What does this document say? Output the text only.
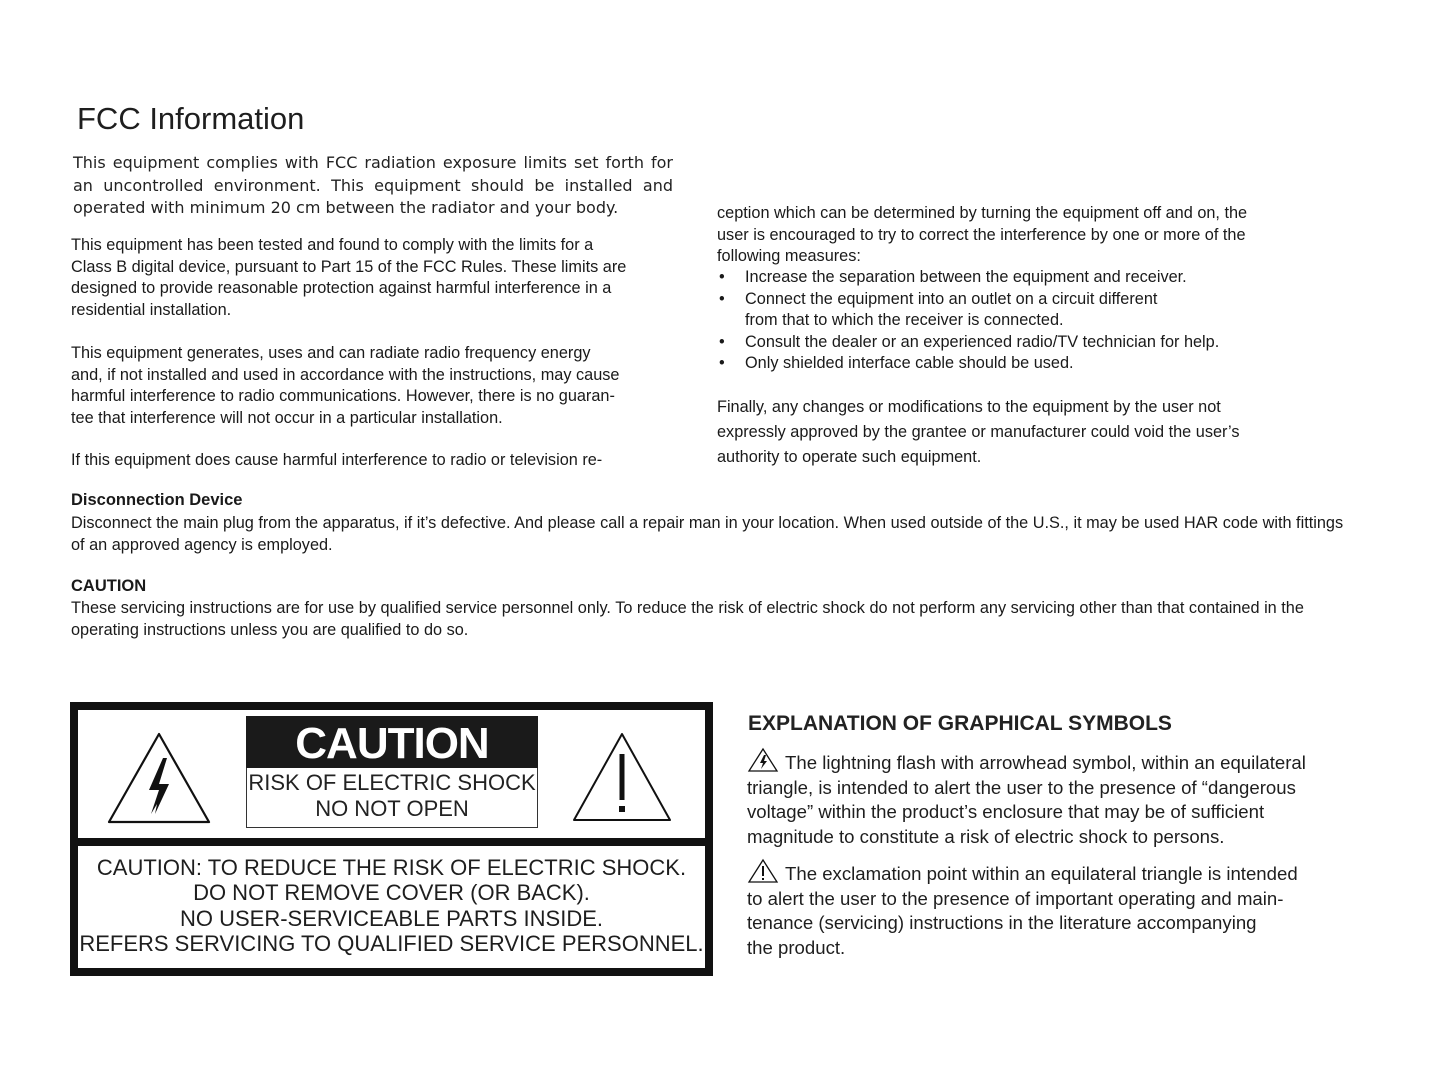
FCC Information
This equipment complies with FCC radiation exposure limits set forth for an uncontrolled environment. This equipment should be installed and operated with minimum 20 cm between the radiator and your body.
This equipment has been tested and found to comply with the limits for a
Class B digital device, pursuant to Part 15 of the FCC Rules. These limits are
designed to provide reasonable protection against harmful interference in a
residential installation.
This equipment generates, uses and can radiate radio frequency energy
and, if not installed and used in accordance with the instructions, may cause
harmful interference to radio communications. However, there is no guaran-
tee that interference will not occur in a particular installation.
If this equipment does cause harmful interference to radio or television re-
ception which can be determined by turning the equipment off and on, the
user is encouraged to try to correct the interference by one or more of the
following measures:
• Increase the separation between the equipment and receiver.
• Connect the equipment into an outlet on a circuit different
from that to which the receiver is connected.
• Consult the dealer or an experienced radio/TV technician for help.
• Only shielded interface cable should be used.
Finally, any changes or modifications to the equipment by the user not
expressly approved by the grantee or manufacturer could void the user’s
authority to operate such equipment.
Disconnection Device
Disconnect the main plug from the apparatus, if it’s defective. And please call a repair man in your location. When used outside of the U.S., it may be used HAR code with fittings of an approved agency is employed.
CAUTION
These servicing instructions are for use by qualified service personnel only. To reduce the risk of electric shock do not perform any servicing other than that contained in the operating instructions unless you are qualified to do so.
CAUTION
RISK OF ELECTRIC SHOCK
NO NOT OPEN
CAUTION: TO REDUCE THE RISK OF ELECTRIC SHOCK.
DO NOT REMOVE COVER (OR BACK).
NO USER-SERVICEABLE PARTS INSIDE.
REFERS SERVICING TO QUALIFIED SERVICE PERSONNEL.
EXPLANATION OF GRAPHICAL SYMBOLS
The lightning flash with arrowhead symbol, within an equilateral
triangle, is intended to alert the user to the presence of “dangerous
voltage” within the product’s enclosure that may be of sufficient
magnitude to constitute a risk of electric shock to persons.
The exclamation point within an equilateral triangle is intended
to alert the user to the presence of important operating and main-
tenance (servicing) instructions in the literature accompanying
the product.
